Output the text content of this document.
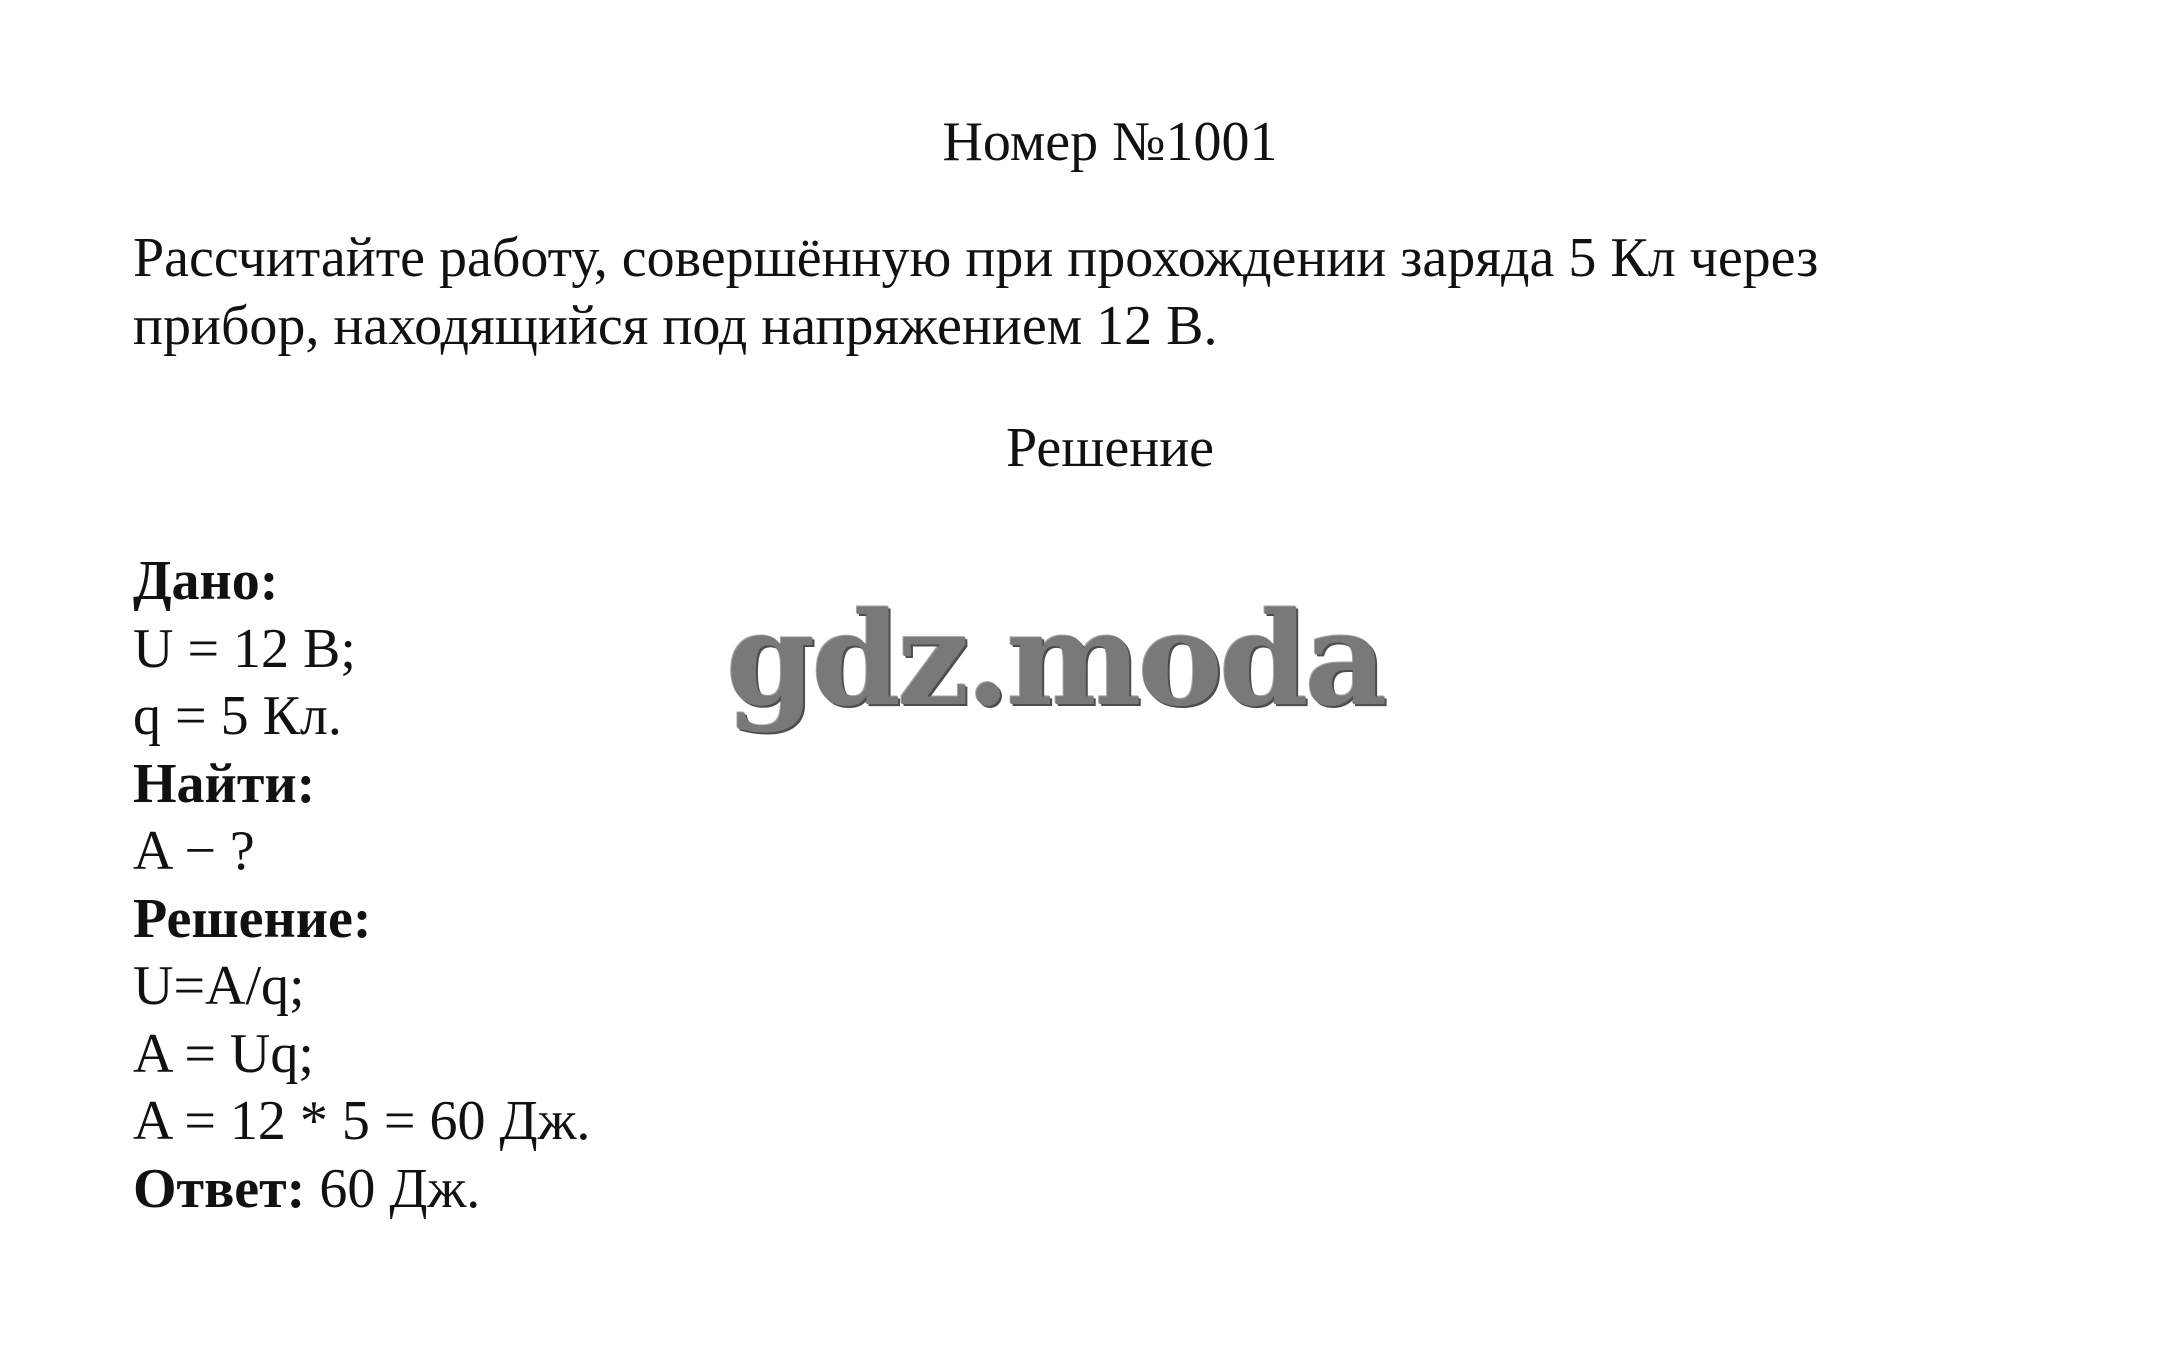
Номер №1001
Рассчитайте работу, совершённую при прохождении заряда 5 Кл через
прибор, находящийся под напряжением 12 В.
Решение
Дано:
U = 12 В;
q = 5 Кл.
Найти:
A − ?
Решение:
U=A/q;
A = Uq;
A = 12 * 5 = 60 Дж.
Ответ: 60 Дж.
gdz.moda
